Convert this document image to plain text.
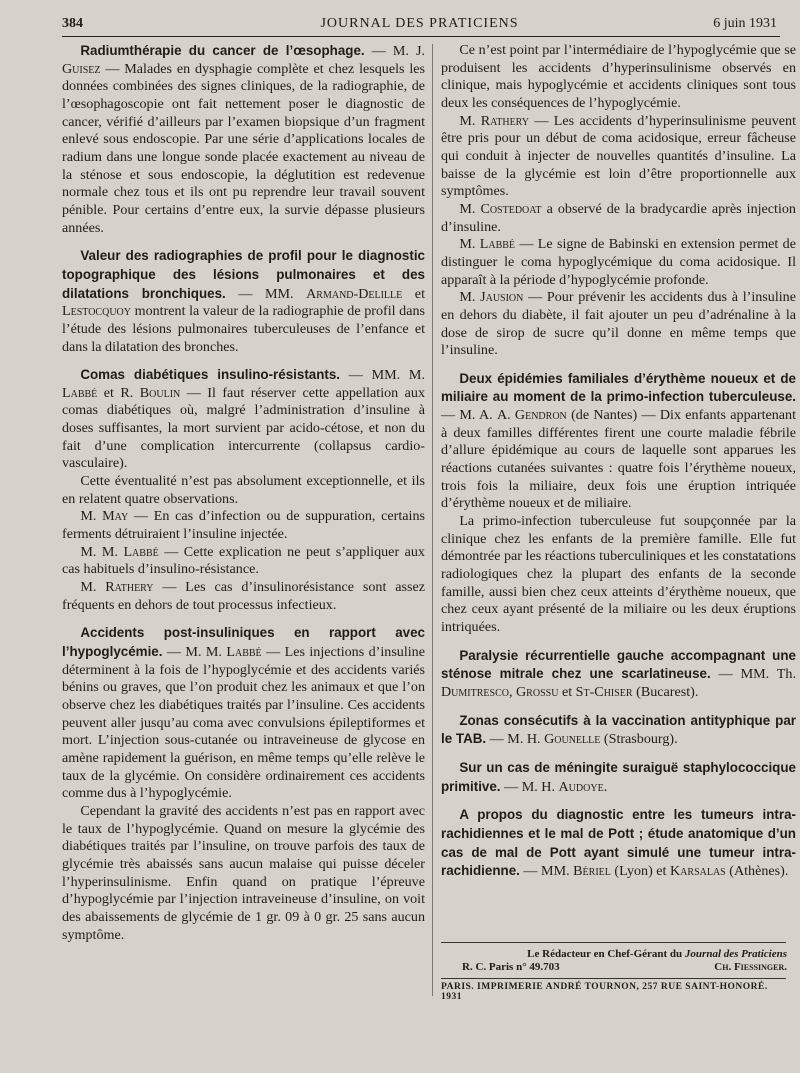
384	JOURNAL DES PRATICIENS	6 juin 1931

Radiumthérapie du cancer de l’œsophage. — M. J. Guisez — Malades en dysphagie complète et chez lesquels les données combinées des signes cliniques, de la radiographie, de l’œsophagoscopie ont fait nettement poser le diagnostic de cancer, vérifié d’ailleurs par l’examen biopsique d’un fragment enlevé sous endoscopie. Par une série d’applications locales de radium dans une longue sonde placée exactement au niveau de la sténose et sous endoscopie, la déglutition est redevenue normale chez tous et ils ont pu reprendre leur travail souvent pénible. Pour certains d’entre eux, la survie dépasse plusieurs années.

Valeur des radiographies de profil pour le diagnostic topographique des lésions pulmonaires et des dilatations bronchiques. — MM. Armand-Delille et Lestocquoy montrent la valeur de la radiographie de profil dans l’étude des lésions pulmonaires tuberculeuses de l’enfance et dans la dilatation des bronches.

Comas diabétiques insulino-résistants. — MM. M. Labbé et R. Boulin — Il faut réserver cette appellation aux comas diabétiques où, malgré l’administration d’insuline à doses suffisantes, la mort survient par acido-cétose, et non du fait d’une complication intercurrente (collapsus cardio-vasculaire).

Cette éventualité n’est pas absolument exceptionnelle, et ils en relatent quatre observations.

M. May — En cas d’infection ou de suppuration, certains ferments détruiraient l’insuline injectée.

M. M. Labbé — Cette explication ne peut s’appliquer aux cas habituels d’insulino-résistance.

M. Rathery — Les cas d’insulinorésistance sont assez fréquents en dehors de tout processus infectieux.

Accidents post-insuliniques en rapport avec l’hypoglycémie. — M. M. Labbé — Les injections d’insuline déterminent à la fois de l’hypoglycémie et des accidents variés bénins ou graves, que l’on produit chez les animaux et que l’on observe chez les diabétiques traités par l’insuline. Ces accidents peuvent aller jusqu’au coma avec convulsions épileptiformes et mort. L’injection sous-cutanée ou intraveineuse de glycose en amène rapidement la guérison, en même temps qu’elle relève le taux de la glycémie. On considère ordinairement ces accidents comme dus à l’hypoglycémie.

Cependant la gravité des accidents n’est pas en rapport avec le taux de l’hypoglycémie. Quand on mesure la glycémie des diabétiques traités par l’insuline, on trouve parfois des taux de glycémie très abaissés sans aucun malaise qui puisse déceler l’hyperinsulinisme. Enfin quand on pratique l’épreuve d’hypoglycémie par l’injection intraveineuse d’insuline, on voit des abaissements de glycémie de 1 gr. 09 à 0 gr. 25 sans aucun symptôme.

Ce n’est point par l’intermédiaire de l’hypoglycémie que se produisent les accidents d’hyperinsulinisme observés en clinique, mais hypoglycémie et accidents cliniques sont tous deux les conséquences de l’hypoglycémie.

M. Rathery — Les accidents d’hyperinsulinisme peuvent être pris pour un début de coma acidosique, erreur fâcheuse qui conduit à injecter de nouvelles quantités d’insuline. La baisse de la glycémie est loin d’être proportionnelle aux symptômes.

M. Costedoat a observé de la bradycardie après injection d’insuline.

M. Labbé — Le signe de Babinski en extension permet de distinguer le coma hypoglycémique du coma acidosique. Il apparaît à la période d’hypoglycémie profonde.

M. Jausion — Pour prévenir les accidents dus à l’insuline en dehors du diabète, il fait ajouter un peu d’adrénaline à la dose de sirop de sucre qu’il donne en même temps que l’insuline.

Deux épidémies familiales d’érythème noueux et de miliaire au moment de la primo-infection tuberculeuse. — M. A. A. Gendron (de Nantes) — Dix enfants appartenant à deux familles différentes firent une courte maladie fébrile d’allure épidémique au cours de laquelle sont apparues les réactions cutanées suivantes : quatre fois l’érythème noueux, trois fois la miliaire, deux fois une éruption intriquée d’érythème noueux et de miliaire.

La primo-infection tuberculeuse fut soupçonnée par la clinique chez les enfants de la première famille. Elle fut démontrée par les réactions tuberculiniques et les constatations radiologiques chez la plupart des enfants de la seconde famille, aussi bien chez ceux atteints d’érythème noueux, que chez ceux ayant présenté de la miliaire ou les deux éruptions intriquées.

Paralysie récurrentielle gauche accompagnant une sténose mitrale chez une scarlatineuse. — MM. Th. Dumitresco, Grossu et St-Chiser (Bucarest).

Zonas consécutifs à la vaccination antityphique par le TAB. — M. H. Gounelle (Strasbourg).

Sur un cas de méningite suraiguë staphylococcique primitive. — M. H. Audoye.

A propos du diagnostic entre les tumeurs intra-rachidiennes et le mal de Pott ; étude anatomique d’un cas de mal de Pott ayant simulé une tumeur intra-rachidienne. — MM. Bériel (Lyon) et Karsalas (Athènes).

Le Rédacteur en Chef-Gérant du Journal des Praticiens
R. C. Paris n° 49.703	Ch. Fiessinger.
PARIS. IMPRIMERIE ANDRÉ TOURNON, 257 RUE SAINT-HONORÉ. 1931
